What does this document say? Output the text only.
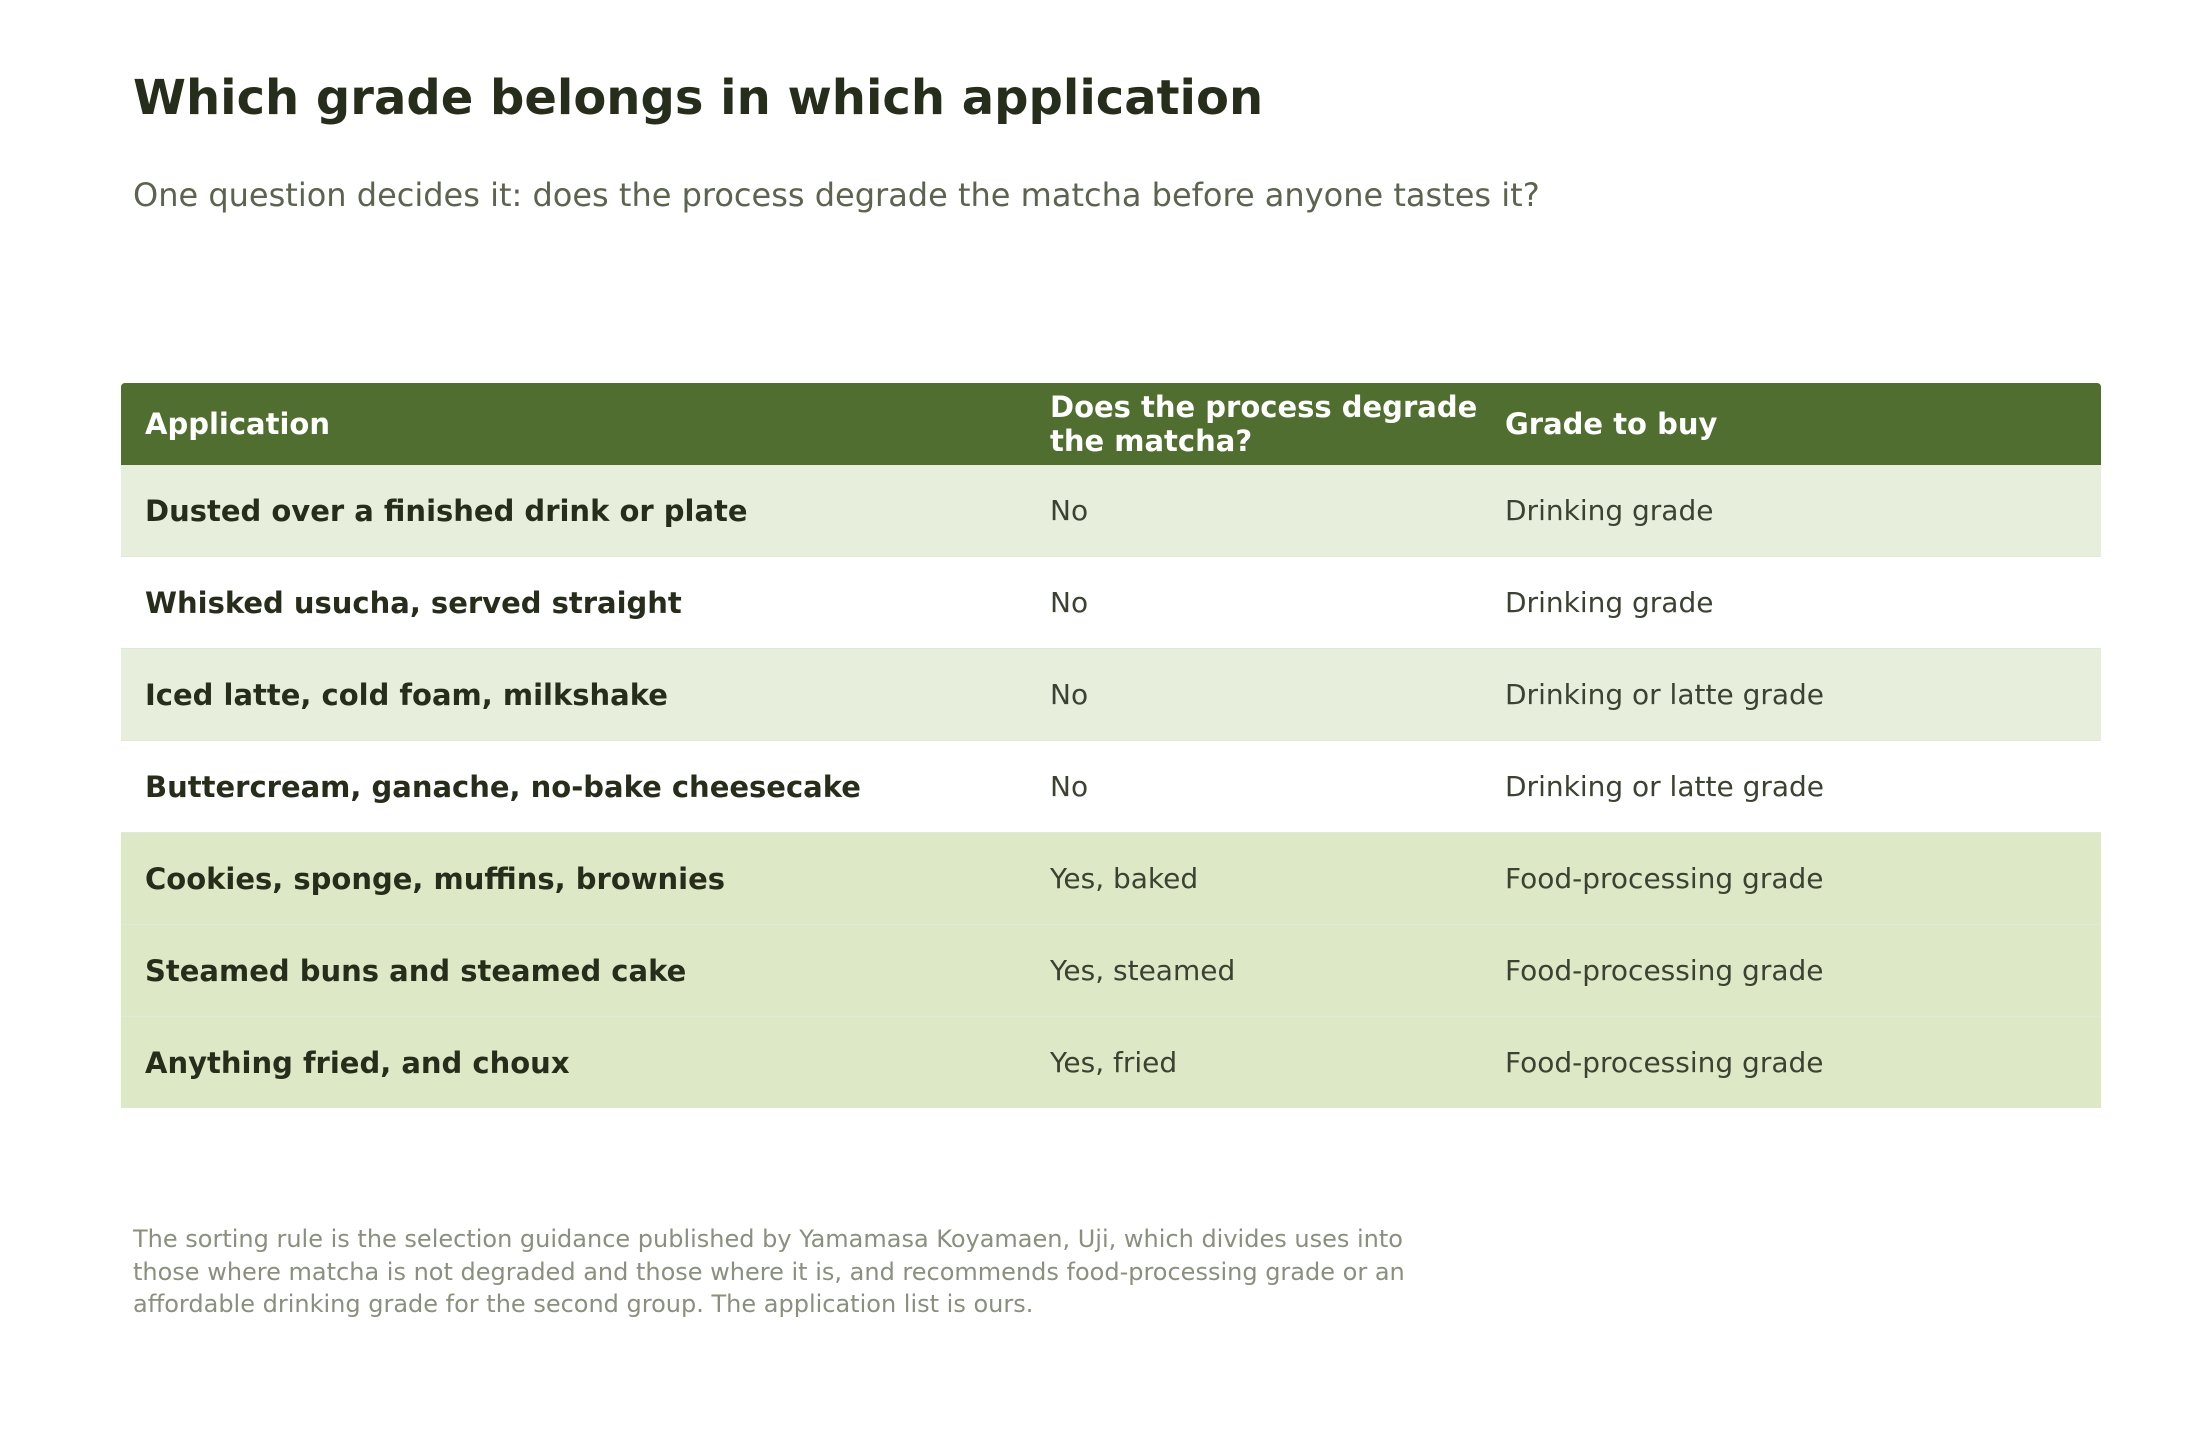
Which grade belongs in which application

One question decides it: does the process degrade the matcha before anyone tastes it?

Application	Does the process degrade the matcha?	Grade to buy
Dusted over a finished drink or plate	No	Drinking grade
Whisked usucha, served straight	No	Drinking grade
Iced latte, cold foam, milkshake	No	Drinking or latte grade
Buttercream, ganache, no-bake cheesecake	No	Drinking or latte grade
Cookies, sponge, muffins, brownies	Yes, baked	Food-processing grade
Steamed buns and steamed cake	Yes, steamed	Food-processing grade
Anything fried, and choux	Yes, fried	Food-processing grade

The sorting rule is the selection guidance published by Yamamasa Koyamaen, Uji, which divides uses into those where matcha is not degraded and those where it is, and recommends food-processing grade or an affordable drinking grade for the second group. The application list is ours.
